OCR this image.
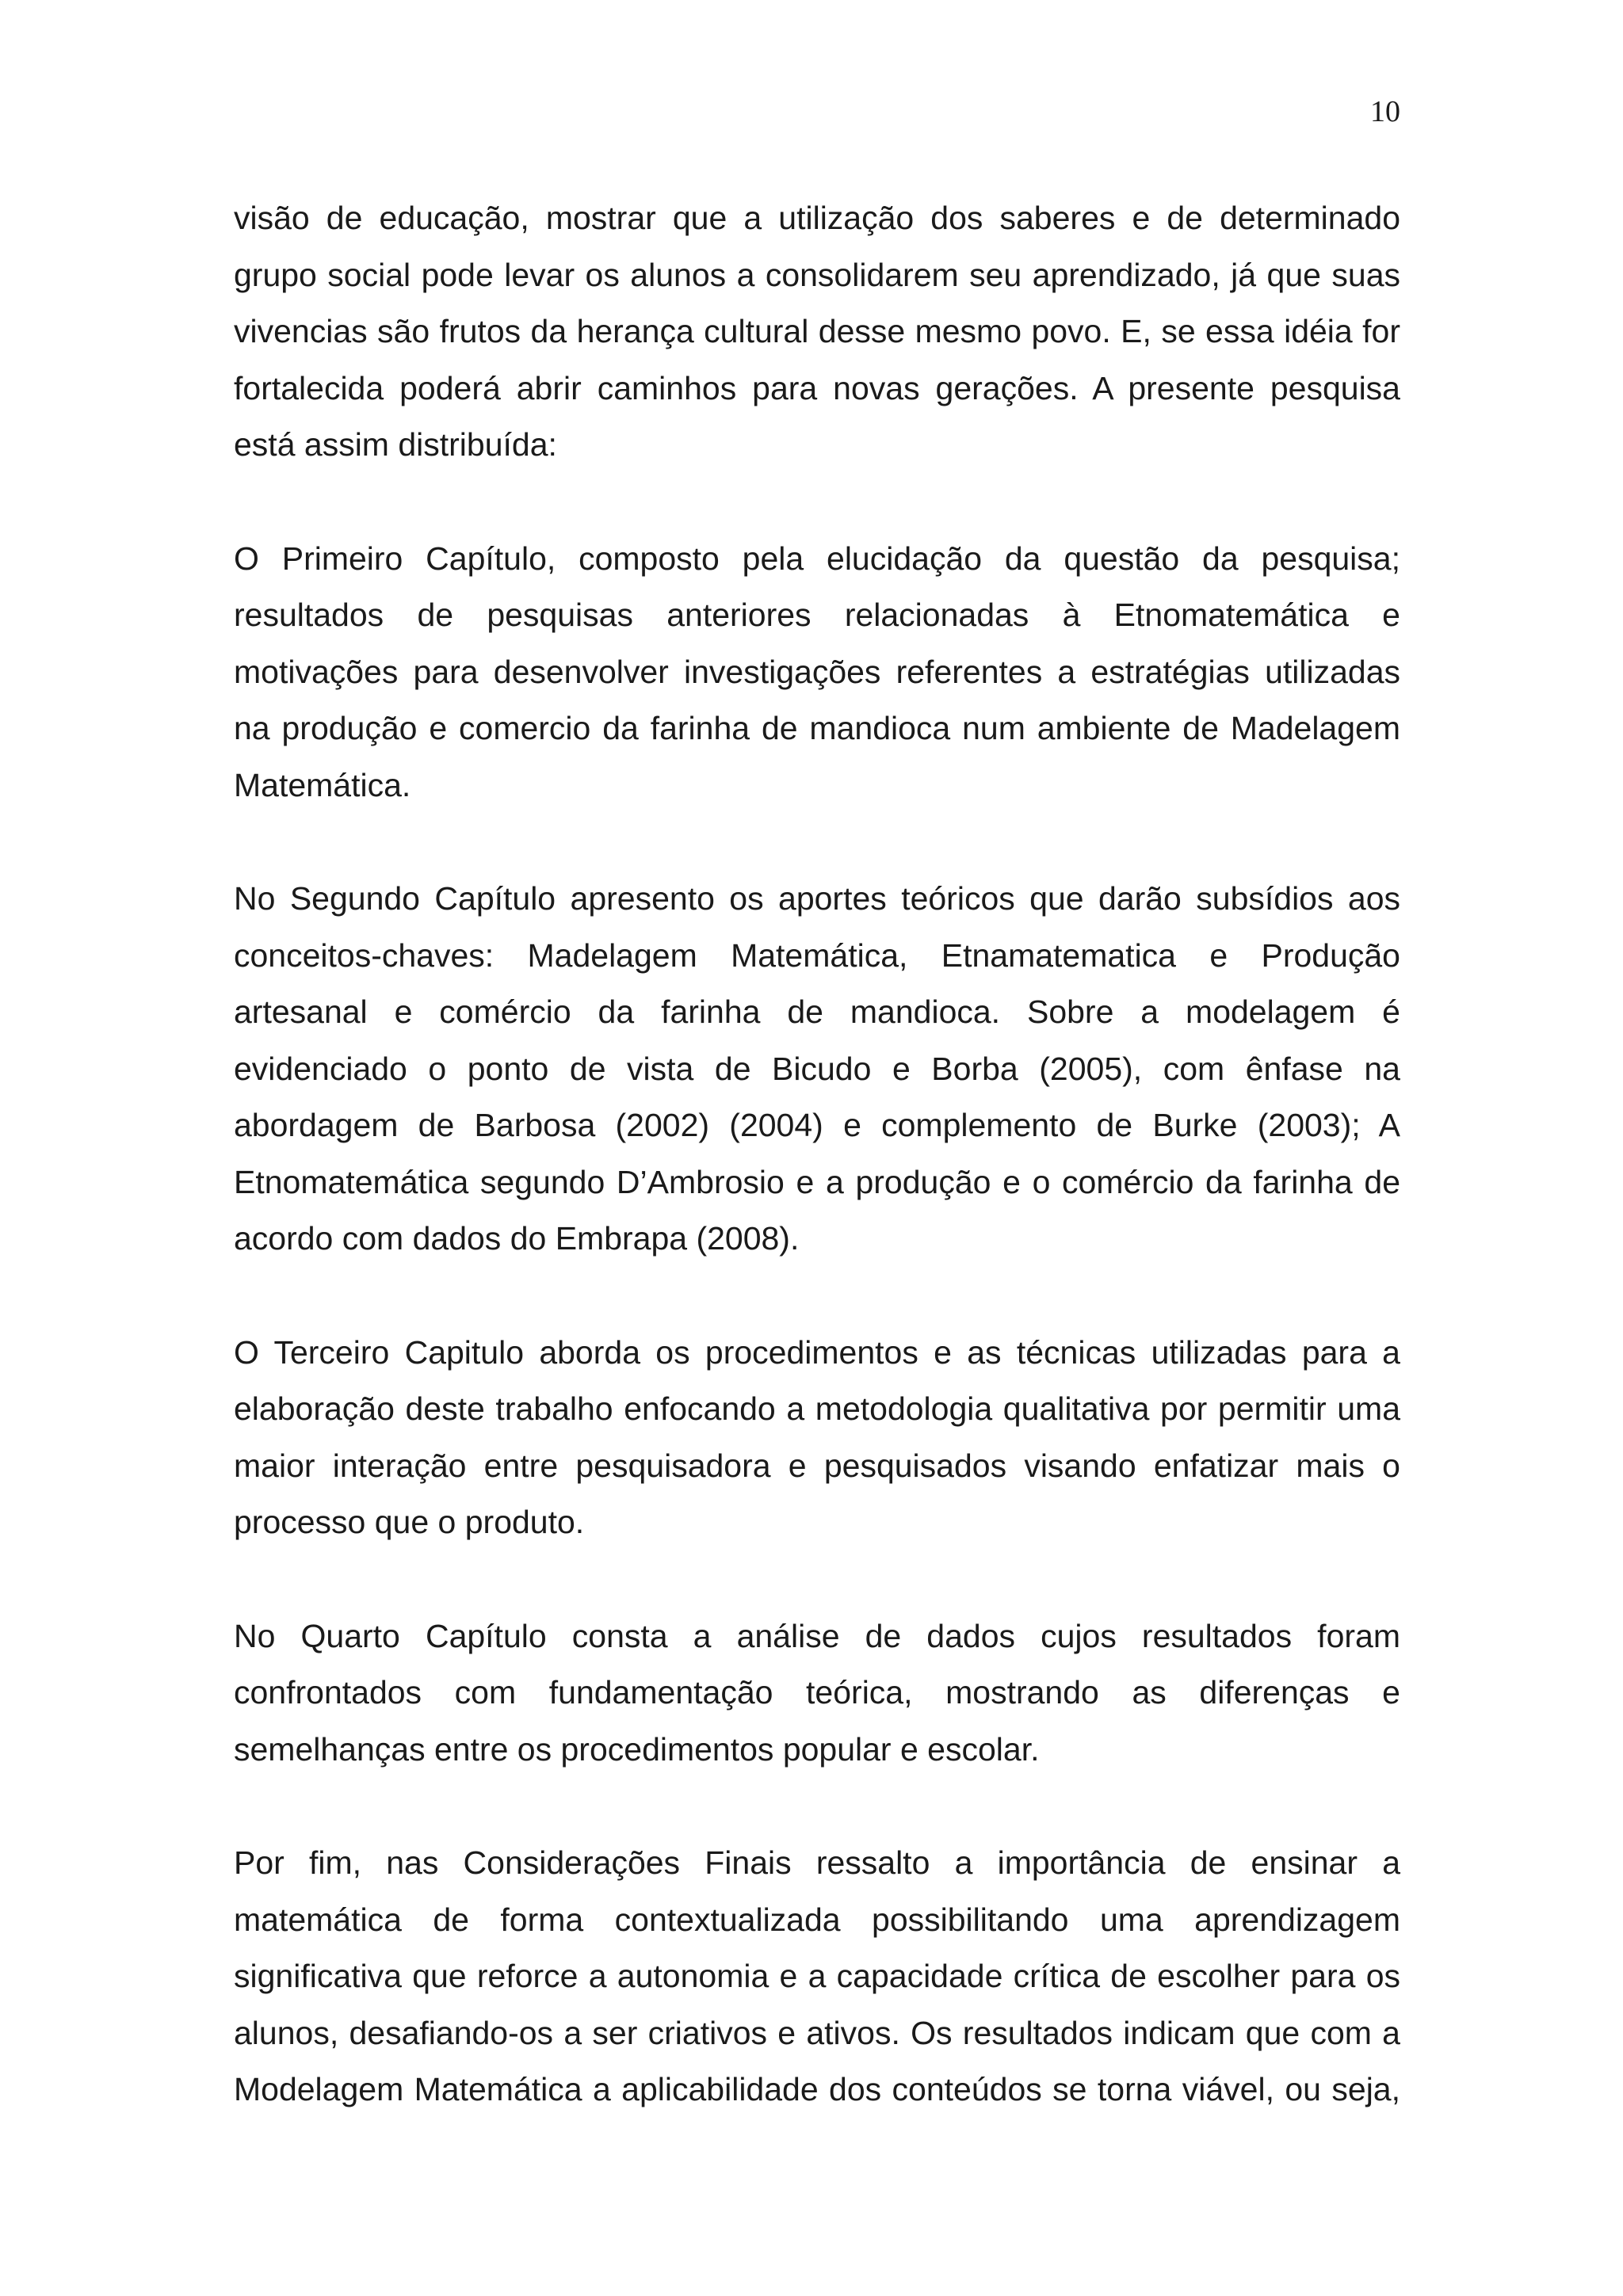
10

visão de educação, mostrar que a utilização dos saberes e de determinado grupo social pode levar os alunos a consolidarem seu aprendizado, já que suas vivencias são frutos da herança cultural desse mesmo povo. E, se essa idéia for fortalecida poderá abrir caminhos para novas gerações. A presente pesquisa está assim distribuída:

O Primeiro Capítulo, composto pela elucidação da questão da pesquisa; resultados de pesquisas anteriores relacionadas à Etnomatemática e motivações para desenvolver investigações referentes a estratégias utilizadas na produção e comercio da farinha de mandioca num ambiente de Madelagem Matemática.

No Segundo Capítulo apresento os aportes teóricos que darão subsídios aos conceitos-chaves: Madelagem Matemática, Etnamatematica e Produção artesanal e comércio da farinha de mandioca. Sobre a modelagem é evidenciado o ponto de vista de Bicudo e Borba (2005), com ênfase na abordagem de Barbosa (2002) (2004) e complemento de Burke (2003); A Etnomatemática segundo D’Ambrosio e a produção e o comércio da farinha de acordo com dados do Embrapa (2008).

O Terceiro Capitulo aborda os procedimentos e as técnicas utilizadas para a elaboração deste trabalho enfocando a metodologia qualitativa por permitir uma maior interação entre pesquisadora e pesquisados visando enfatizar mais o processo que o produto.

No Quarto Capítulo consta a análise de dados cujos resultados foram confrontados com fundamentação teórica, mostrando as diferenças e semelhanças entre os procedimentos popular e escolar.

Por fim, nas Considerações Finais ressalto a importância de ensinar a matemática de forma contextualizada possibilitando uma aprendizagem significativa que reforce a autonomia e a capacidade crítica de escolher para os alunos, desafiando-os a ser criativos e ativos. Os resultados indicam que com a Modelagem Matemática a aplicabilidade dos conteúdos se torna viável, ou seja,
